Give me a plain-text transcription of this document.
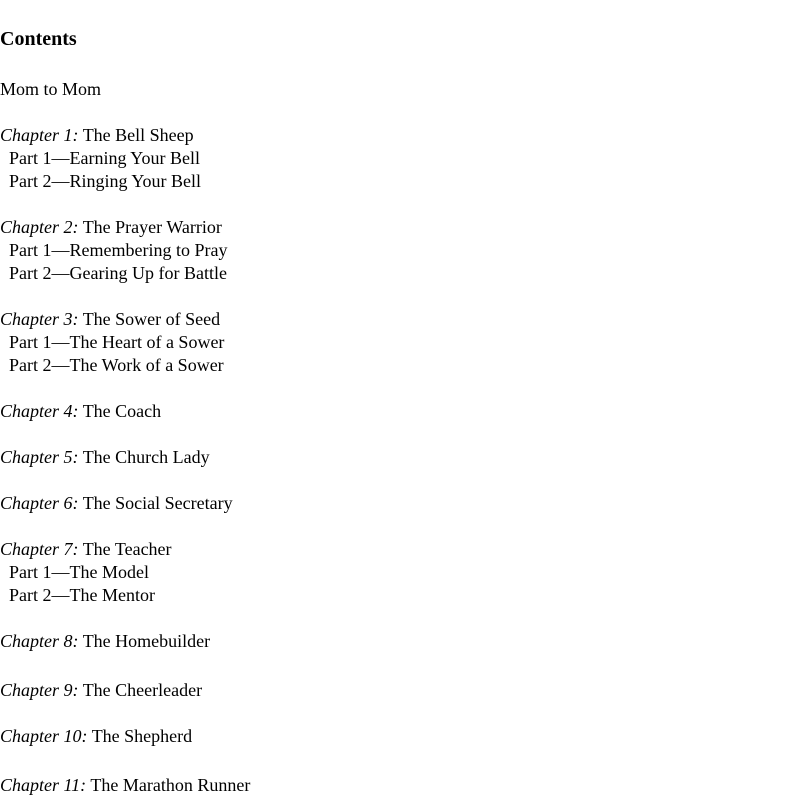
Contents
Mom to Mom
Chapter 1: The Bell Sheep
Part 1—Earning Your Bell
Part 2—Ringing Your Bell
Chapter 2: The Prayer Warrior
Part 1—Remembering to Pray
Part 2—Gearing Up for Battle
Chapter 3: The Sower of Seed
Part 1—The Heart of a Sower
Part 2—The Work of a Sower
Chapter 4: The Coach
Chapter 5: The Church Lady
Chapter 6: The Social Secretary
Chapter 7: The Teacher
Part 1—The Model
Part 2—The Mentor
Chapter 8: The Homebuilder
Chapter 9: The Cheerleader
Chapter 10: The Shepherd
Chapter 11: The Marathon Runner
